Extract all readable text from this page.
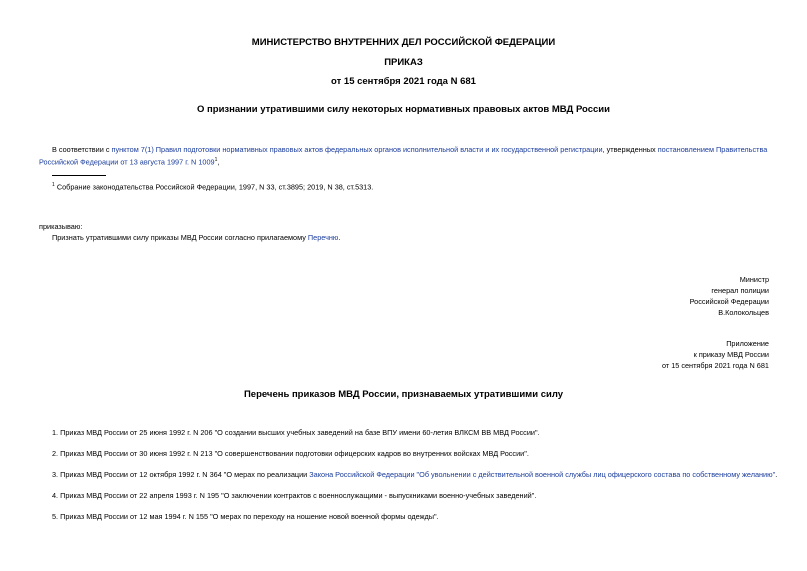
МИНИСТЕРСТВО ВНУТРЕННИХ ДЕЛ РОССИЙСКОЙ ФЕДЕРАЦИИ
ПРИКАЗ
от 15 сентября 2021 года N 681
О признании утратившими силу некоторых нормативных правовых актов МВД России
В соответствии с пунктом 7(1) Правил подготовки нормативных правовых актов федеральных органов исполнительной власти и их государственной регистрации, утвержденных постановлением Правительства Российской Федерации от 13 августа 1997 г. N 1009$^1$,
$^1$ Собрание законодательства Российской Федерации, 1997, N 33, ст.3895; 2019, N 38, ст.5313.
приказываю:
Признать утратившими силу приказы МВД России согласно прилагаемому Перечню.
Министр
генерал полиции
Российской Федерации
В.Колокольцев
Приложение
к приказу МВД России
от 15 сентября 2021 года N 681
Перечень приказов МВД России, признаваемых утратившими силу
1. Приказ МВД России от 25 июня 1992 г. N 206 "О создании высших учебных заведений на базе ВПУ имени 60-летия ВЛКСМ ВВ МВД России".
2. Приказ МВД России от 30 июня 1992 г. N 213 "О совершенствовании подготовки офицерских кадров во внутренних войсках МВД России".
3. Приказ МВД России от 12 октября 1992 г. N 364 "О мерах по реализации Закона Российской Федерации "Об увольнении с действительной военной службы лиц офицерского состава по собственному желанию".
4. Приказ МВД России от 22 апреля 1993 г. N 195 "О заключении контрактов с военнослужащими - выпускниками военно-учебных заведений".
5. Приказ МВД России от 12 мая 1994 г. N 155 "О мерах по переходу на ношение новой военной формы одежды".
